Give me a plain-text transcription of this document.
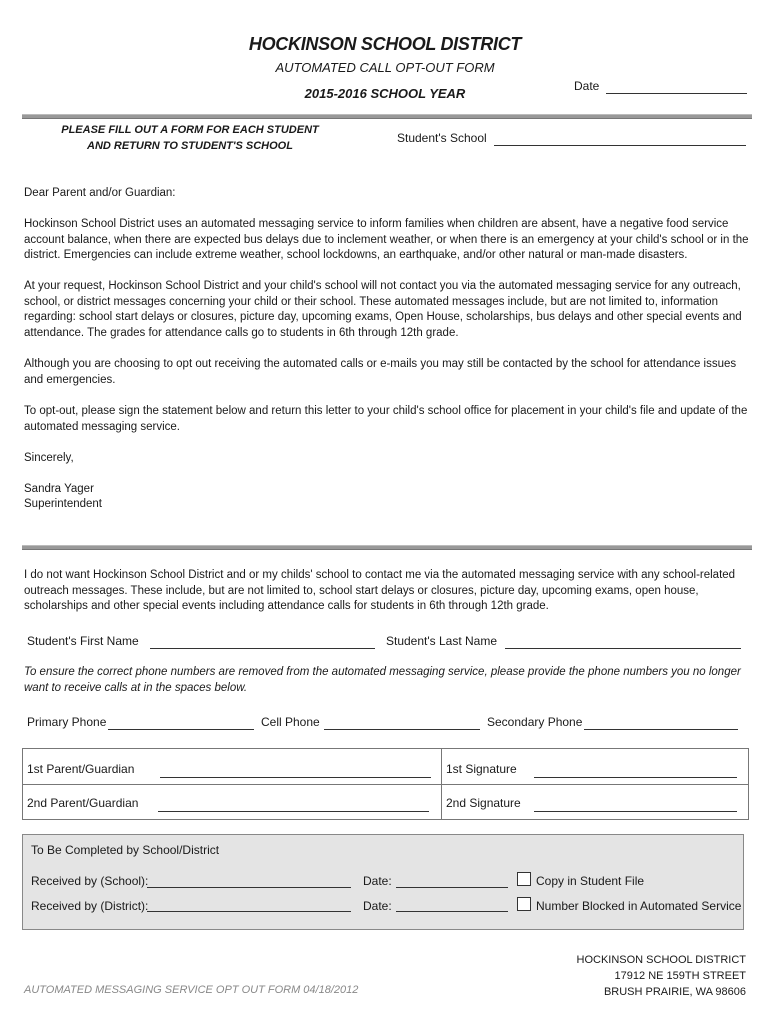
HOCKINSON SCHOOL DISTRICT
AUTOMATED CALL OPT-OUT FORM
2015-2016 SCHOOL YEAR	Date
PLEASE FILL OUT A FORM FOR EACH STUDENT
AND RETURN TO STUDENT'S SCHOOL
Student's School
Dear Parent and/or Guardian:
Hockinson School District uses an automated messaging service to inform families when children are absent, have a negative food service account balance, when there are expected bus delays due to inclement weather, or when there is an emergency at your child's school or in the district. Emergencies can include extreme weather, school lockdowns, an earthquake, and/or other natural or man-made disasters.
At your request, Hockinson School District and your child's school will not contact you via the automated messaging service for any outreach, school, or district messages concerning your child or their school. These automated messages include, but are not limited to, information regarding: school start delays or closures, picture day, upcoming exams, Open House, scholarships, bus delays and other special events and attendance. The grades for attendance calls go to students in 6th through 12th grade.
Although you are choosing to opt out receiving the automated calls or e-mails you may still be contacted by the school for attendance issues and emergencies.
To opt-out, please sign the statement below and return this letter to your child's school office for placement in your child's file and update of the automated messaging service.
Sincerely,
Sandra Yager
Superintendent
I do not want Hockinson School District and or my childs' school to contact me via the automated messaging service with any school-related outreach messages. These include, but are not limited to, school start delays or closures, picture day, upcoming exams, open house, scholarships and other special events including attendance calls for students in 6th through 12th grade.
Student's First Name	Student's Last Name
To ensure the correct phone numbers are removed from the automated messaging service, please provide the phone numbers you no longer want to receive calls at in the spaces below.
Primary Phone	Cell Phone	Secondary Phone
1st Parent/Guardian	1st Signature
2nd Parent/Guardian	2nd Signature
To Be Completed by School/District
Received by (School):	Date:	Copy in Student File
Received by (District):	Date:	Number Blocked in Automated Service
AUTOMATED MESSAGING SERVICE OPT OUT FORM 04/18/2012
HOCKINSON SCHOOL DISTRICT
17912 NE 159TH STREET
BRUSH PRAIRIE, WA 98606
